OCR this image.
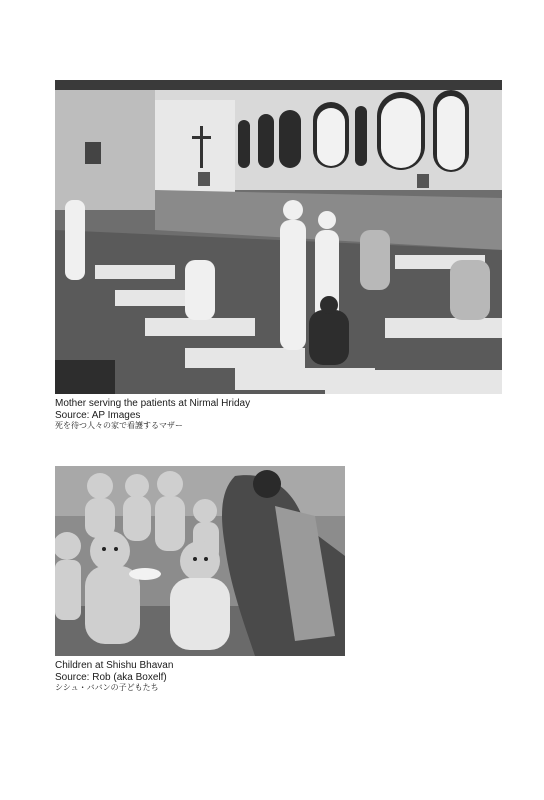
Mother serving the patients at Nirmal Hriday

Source: AP Images

死を待つ人々の家で看護するマザー

Children at Shishu Bhavan

Source: Rob (aka Boxelf)

シシュ・ババンの子どもたち
